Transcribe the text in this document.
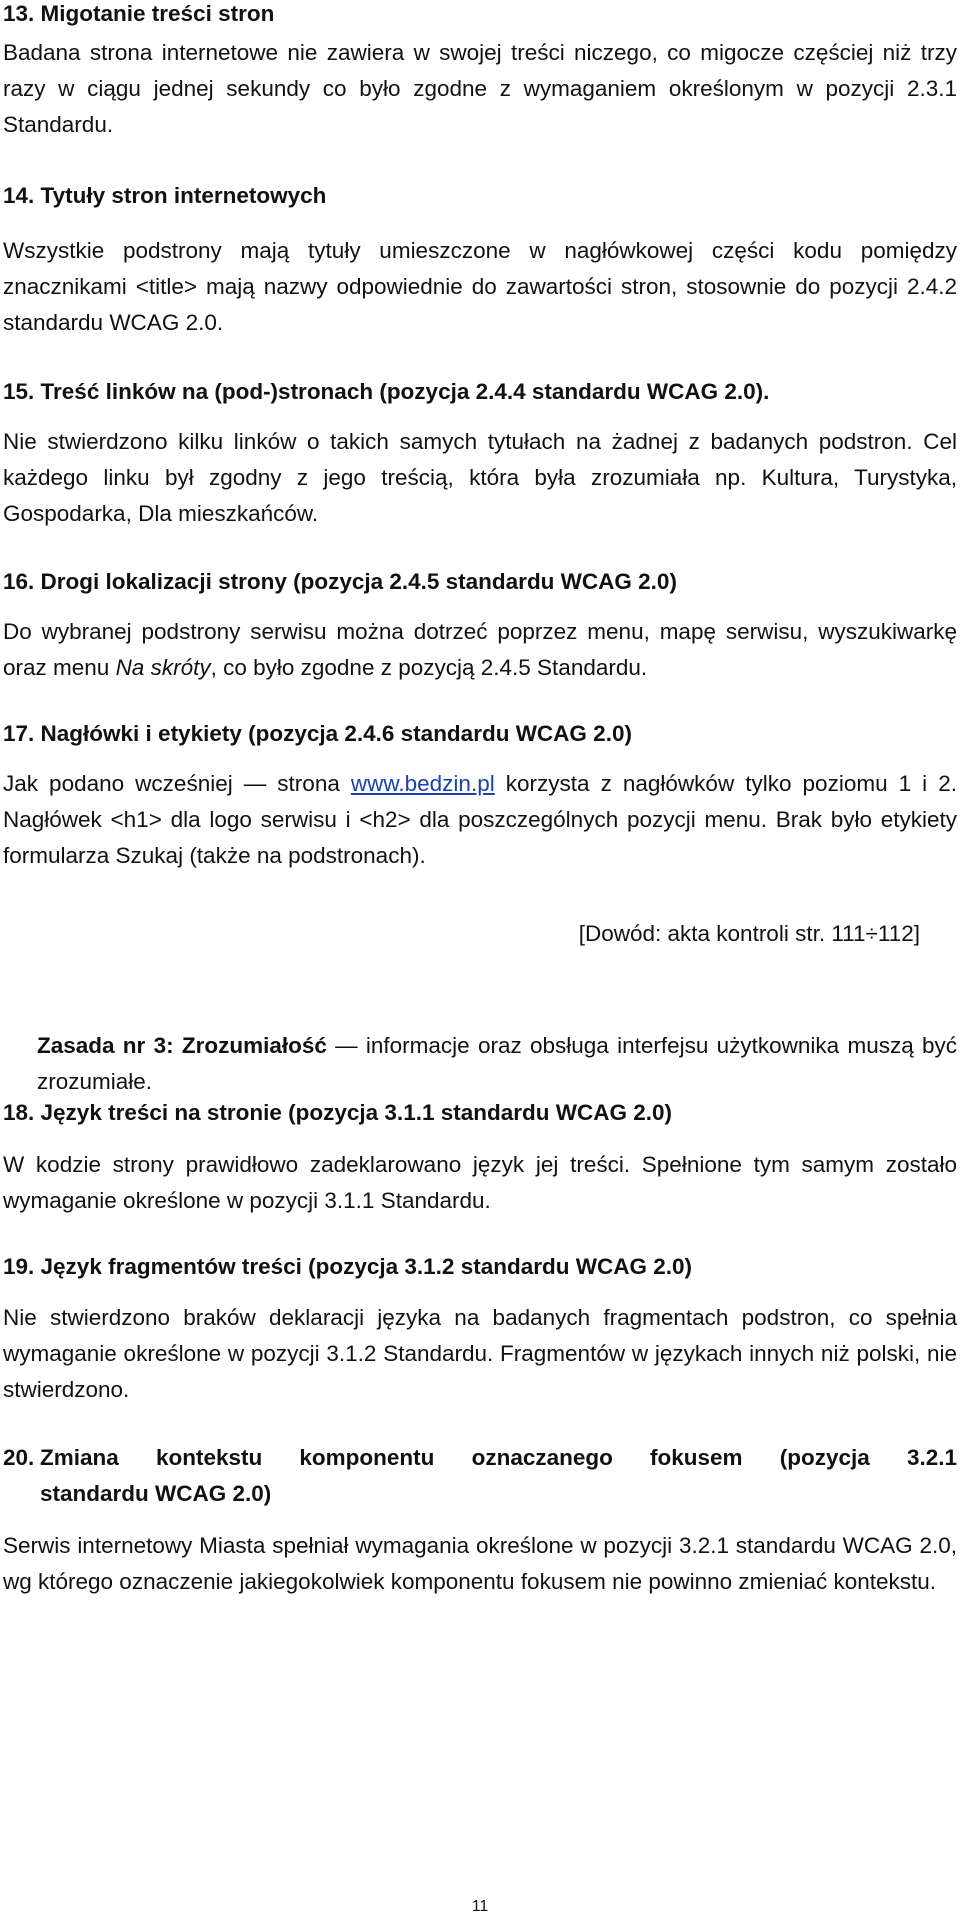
13. Migotanie treści stron

Badana strona internetowe nie zawiera w swojej treści niczego, co migocze częściej niż trzy razy w ciągu jednej sekundy co było zgodne z wymaganiem określonym w pozycji 2.3.1 Standardu.

14. Tytuły stron internetowych

Wszystkie podstrony mają tytuły umieszczone w nagłówkowej części kodu pomiędzy znacznikami <title> mają nazwy odpowiednie do zawartości stron, stosownie do pozycji 2.4.2 standardu WCAG 2.0.

15. Treść linków na (pod-)stronach (pozycja 2.4.4 standardu WCAG 2.0).

Nie stwierdzono kilku linków o takich samych tytułach na żadnej z badanych podstron. Cel każdego linku był zgodny z jego treścią, która była zrozumiała np. Kultura, Turystyka, Gospodarka, Dla mieszkańców.

16. Drogi lokalizacji strony (pozycja 2.4.5 standardu WCAG 2.0)

Do wybranej podstrony serwisu można dotrzeć poprzez menu, mapę serwisu, wyszukiwarkę oraz menu Na skróty, co było zgodne z pozycją 2.4.5 Standardu.

17. Nagłówki i etykiety (pozycja 2.4.6 standardu WCAG 2.0)

Jak podano wcześniej — strona www.bedzin.pl korzysta z nagłówków tylko poziomu 1 i 2. Nagłówek <h1> dla logo serwisu i <h2> dla poszczególnych pozycji menu. Brak było etykiety formularza Szukaj (także na podstronach).

[Dowód: akta kontroli str. 111÷112]

Zasada nr 3: Zrozumiałość — informacje oraz obsługa interfejsu użytkownika muszą być zrozumiałe.

18. Język treści na stronie (pozycja 3.1.1 standardu WCAG 2.0)

W kodzie strony prawidłowo zadeklarowano język jej treści. Spełnione tym samym zostało wymaganie określone w pozycji 3.1.1 Standardu.

19. Język fragmentów treści (pozycja 3.1.2 standardu WCAG 2.0)

Nie stwierdzono braków deklaracji języka na badanych fragmentach podstron, co spełnia wymaganie określone w pozycji 3.1.2 Standardu. Fragmentów w językach innych niż polski, nie stwierdzono.

20. Zmiana kontekstu komponentu oznaczanego fokusem (pozycja 3.2.1
standardu WCAG 2.0)

Serwis internetowy Miasta spełniał wymagania określone w pozycji 3.2.1 standardu WCAG 2.0, wg którego oznaczenie jakiegokolwiek komponentu fokusem nie powinno zmieniać kontekstu.

11
